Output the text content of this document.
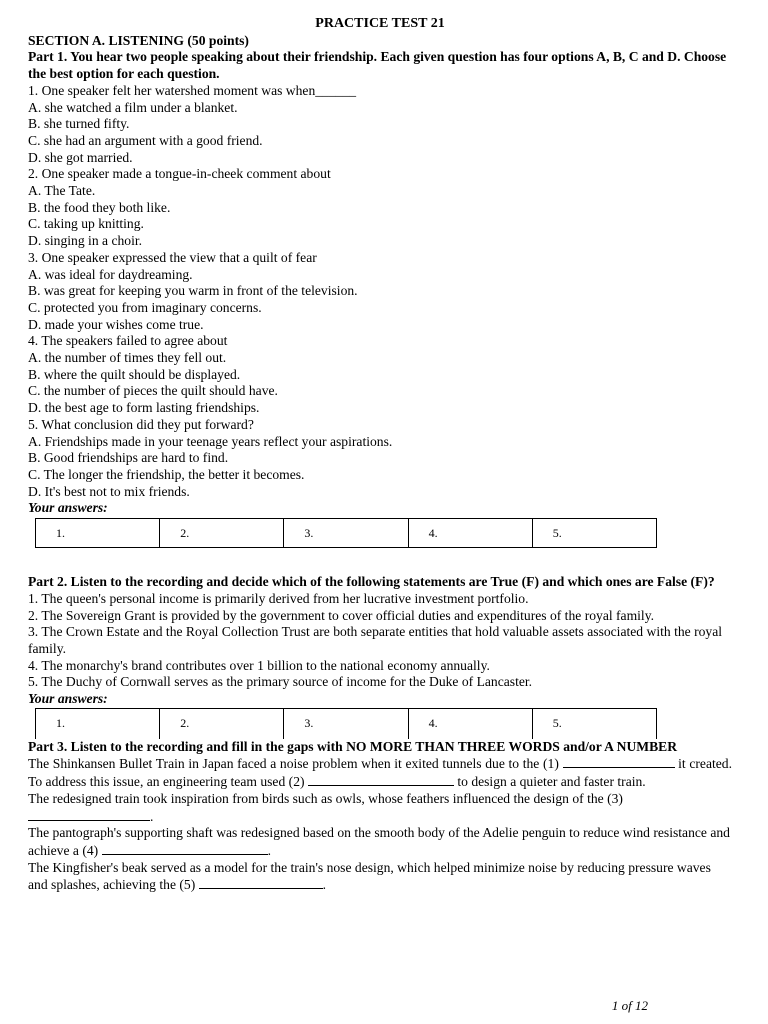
PRACTICE TEST 21

SECTION A. LISTENING (50 points)

Part 1. You hear two people speaking about their friendship. Each given question has four options A, B, C and D. Choose the best option for each question.

1. One speaker felt her watershed moment was when______

A. she watched a film under a blanket.

B. she turned fifty.

C. she had an argument with a good friend.

D. she got married.

2. One speaker made a tongue-in-cheek comment about

A. The Tate.

B. the food they both like.

C. taking up knitting.

D. singing in a choir.

3. One speaker expressed the view that a quilt of fear

A. was ideal for daydreaming.

B. was great for keeping you warm in front of the television.

C. protected you from imaginary concerns.

D. made your wishes come true.

4. The speakers failed to agree about

A. the number of times they fell out.

B. where the quilt should be displayed.

C. the number of pieces the quilt should have.

D. the best age to form lasting friendships.

5. What conclusion did they put forward?

A. Friendships made in your teenage years reflect your aspirations.

B. Good friendships are hard to find.

C. The longer the friendship, the better it becomes.

D. It's best not to mix friends.

Your answers:

1.	2.	3.	4.	5.

Part 2. Listen to the recording and decide which of the following statements are True (F) and which ones are False (F)?

1. The queen's personal income is primarily derived from her lucrative investment portfolio.

2. The Sovereign Grant is provided by the government to cover official duties and expenditures of the royal family.

3. The Crown Estate and the Royal Collection Trust are both separate entities that hold valuable assets associated with the royal family.

4. The monarchy's brand contributes over 1 billion to the national economy annually.

5. The Duchy of Cornwall serves as the primary source of income for the Duke of Lancaster.

Your answers:

1.	2.	3.	4.	5.

Part 3. Listen to the recording and fill in the gaps with NO MORE THAN THREE WORDS and/or A NUMBER

The Shinkansen Bullet Train in Japan faced a noise problem when it exited tunnels due to the (1)	it created. To address this issue, an engineering team used (2)	to design a quieter and faster train.

The redesigned train took inspiration from birds such as owls, whose feathers influenced the design of the (3) .

The pantograph's supporting shaft was redesigned based on the smooth body of the Adelie penguin to reduce wind resistance and achieve a (4)	.

The Kingfisher's beak served as a model for the train's nose design, which helped minimize noise by reducing pressure waves and splashes, achieving the (5)	.

1 of 12
